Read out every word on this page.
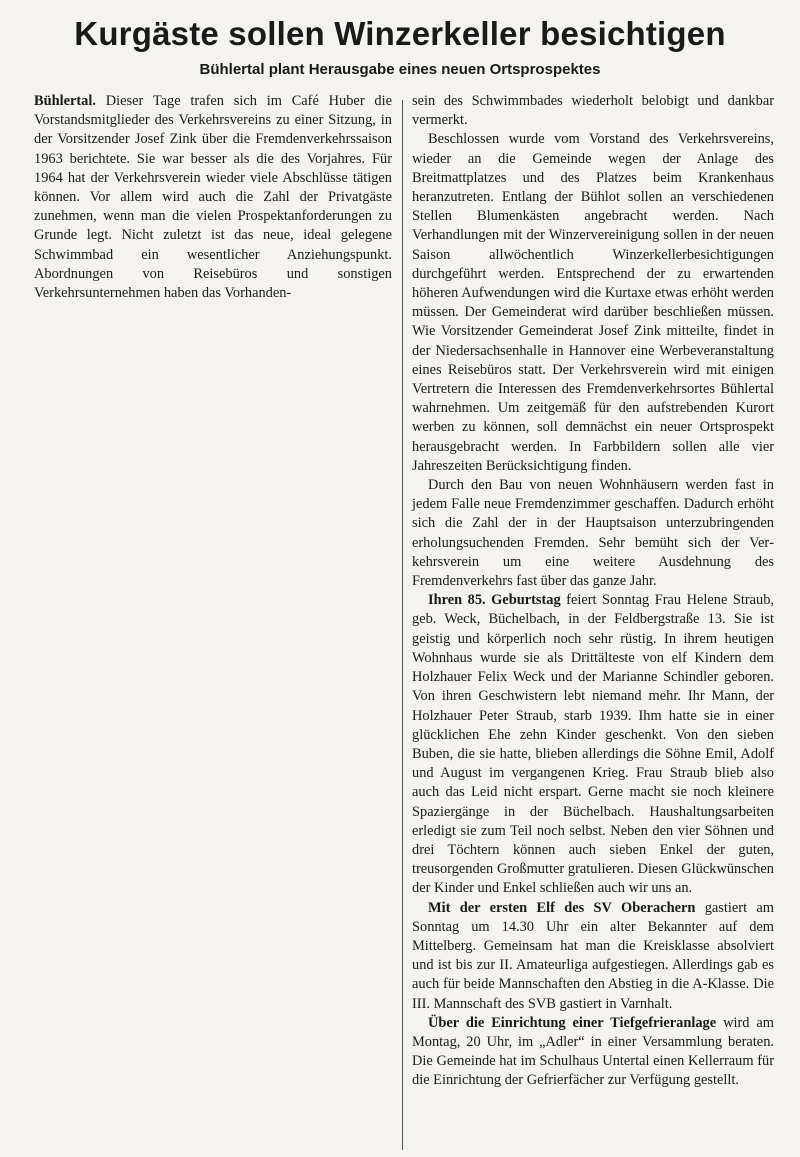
Kurgäste sollen Winzerkeller besichtigen
Bühlertal plant Herausgabe eines neuen Ortsprospektes

Bühlertal. Dieser Tage trafen sich im Café Huber die Vorstandsmitglieder des Verkehrsvereins zu einer Sitzung, in der Vorsitzender Josef Zink über die Fremdenverkehrssaison 1963 berichtete. Sie war besser als die des Vorjahres. Für 1964 hat der Verkehrsverein wieder viele Abschlüsse tätigen können. Vor allem wird auch die Zahl der Privatgäste zunehmen, wenn man die vielen Prospektanforderungen zu Grunde legt. Nicht zuletzt ist das neue, ideal gelegene Schwimmbad ein wesentlicher Anziehungspunkt. Abordnungen von Reisebüros und sonstigen Verkehrsunternehmen haben das Vorhanden-

sein des Schwimmbades wiederholt belobigt und dankbar vermerkt.

Beschlossen wurde vom Vorstand des Verkehrsvereins, wieder an die Gemeinde wegen der Anlage des Breitmattplatzes und des Platzes beim Krankenhaus heranzutreten. Entlang der Bühlot sollen an verschiedenen Stellen Blumenkästen angebracht werden. Nach Verhandlungen mit der Winzervereinigung sollen in der neuen Saison allwöchentlich Winzerkellerbesichtigungen durchgeführt werden. Entsprechend der zu erwartenden höheren Aufwendungen wird die Kurtaxe etwas erhöht werden müssen. Der Gemeinderat wird darüber beschließen müssen. Wie Vorsitzender Gemeinderat Josef Zink mitteilte, findet in der Niedersachsenhalle in Hannover eine Werbeveranstaltung eines Reisebüros statt. Der Verkehrsverein wird mit einigen Vertretern die Interessen des Fremdenverkehrsortes Bühlertal wahrnehmen. Um zeitgemäß für den aufstrebenden Kurort werben zu können, soll demnächst ein neuer Ortsprospekt herausgebracht werden. In Farbbildern sollen alle vier Jahreszeiten Berücksichtigung finden.

Durch den Bau von neuen Wohnhäusern werden fast in jedem Falle neue Fremdenzimmer geschaffen. Dadurch erhöht sich die Zahl der in der Hauptsaison unterzubringenden erholungsuchenden Fremden. Sehr bemüht sich der Verkehrsverein um eine weitere Ausdehnung des Fremdenverkehrs fast über das ganze Jahr.

Ihren 85. Geburtstag feiert Sonntag Frau Helene Straub, geb. Weck, Büchelbach, in der Feldbergstraße 13. Sie ist geistig und körperlich noch sehr rüstig. In ihrem heutigen Wohnhaus wurde sie als Drittälteste von elf Kindern dem Holzhauer Felix Weck und der Marianne Schindler geboren. Von ihren Geschwistern lebt niemand mehr. Ihr Mann, der Holzhauer Peter Straub, starb 1939. Ihm hatte sie in einer glücklichen Ehe zehn Kinder geschenkt. Von den sieben Buben, die sie hatte, blieben allerdings die Söhne Emil, Adolf und August im vergangenen Krieg. Frau Straub blieb also auch das Leid nicht erspart. Gerne macht sie noch kleinere Spaziergänge in der Büchelbach. Haushaltungsarbeiten erledigt sie zum Teil noch selbst. Neben den vier Söhnen und drei Töchtern können auch sieben Enkel der guten, treusorgenden Großmutter gratulieren. Diesen Glückwünschen der Kinder und Enkel schließen auch wir uns an.

Mit der ersten Elf des SV Oberachern gastiert am Sonntag um 14.30 Uhr ein alter Bekannter auf dem Mittelberg. Gemeinsam hat man die Kreisklasse absolviert und ist bis zur II. Amateurliga aufgestiegen. Allerdings gab es auch für beide Mannschaften den Abstieg in die A-Klasse. Die III. Mannschaft des SVB gastiert in Varnhalt.

Über die Einrichtung einer Tiefgefrieranlage wird am Montag, 20 Uhr, im „Adler“ in einer Versammlung beraten. Die Gemeinde hat im Schulhaus Untertal einen Kellerraum für die Einrichtung der Gefrierfächer zur Verfügung gestellt.
